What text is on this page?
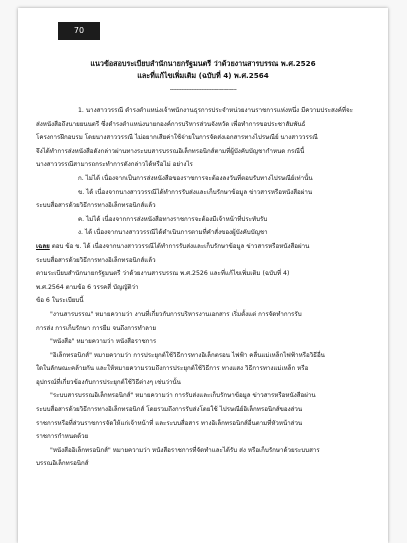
70
แนวข้อสอบระเบียบสำนักนายกรัฐมนตรี ว่าด้วยงานสารบรรณ พ.ศ.2526
และที่แก้ไขเพิ่มเติม (ฉบับที่ 4) พ.ศ.2564
----------------------------------------

1. นางสาววรรณี ดำรงตำแหน่งเจ้าพนักงานธุรการประจำหน่วยงานราชการแห่งหนึ่ง มีความประสงค์ที่จะ

ส่งหนังสือถึงนายยนนตรี ซึ่งดำรงตำแหน่งนายกองค์การบริหารส่วนจังหวัด เพื่อทำการขอประชาสัมพันธ์

โครงการฝึกอบรม โดยนางสาววรรณี ไม่อยากเสียค่าใช้จ่ายในการจัดส่งเอกสารทางไปรษณีย์ นางสาววรรณี

จึงได้ทำการส่งหนังสือดังกล่าวผ่านทางระบบสารบรรณอิเล็กทรอนิกส์ตามที่ผู้บังคับบัญชากำหนด กรณีนี้

นางสาววรรณีสามารถกระทำการดังกล่าวได้หรือไม่ อย่างไร

ก. ไม่ได้ เนื่องจากเป็นการส่งหนังสือของราชการจะต้องลงวันที่ตอบรับทางไปรษณีย์เท่านั้น

ข. ได้ เนื่องจากนางสาววรรณีได้ทำการรับส่งและเก็บรักษาข้อมูล ข่าวสารหรือหนังสือผ่าน

ระบบสื่อสารด้วยวิธีการทางอิเล็กทรอนิกส์แล้ว

ค. ไม่ได้ เนื่องจากการส่งหนังสือทางราชการจะต้องมีเจ้าหน้าที่ประทับรับ

ง. ได้ เนื่องจากนางสาววรรณีได้ดำเนินการตามที่คำสั่งของผู้บังคับบัญชา

เฉลย ตอบ ข้อ ข. ได้ เนื่องจากนางสาววรรณีได้ทำการรับส่งและเก็บรักษาข้อมูล ข่าวสารหรือหนังสือผ่าน

ระบบสื่อสารด้วยวิธีการทางอิเล็กทรอนิกส์แล้ว

ตามระเบียบสำนักนายกรัฐมนตรี ว่าด้วยงานสารบรรณ พ.ศ.2526 และที่แก้ไขเพิ่มเติม (ฉบับที่ 4)

พ.ศ.2564 ตามข้อ 6 วรรคสี่ บัญญัติว่า

ข้อ 6 ในระเบียบนี้

"งานสารบรรณ" หมายความว่า งานที่เกี่ยวกับการบริหารงานเอกสาร เริ่มตั้งแต่ การจัดทำการรับ

การส่ง การเก็บรักษา การยืม จนถึงการทำลาย

"หนังสือ" หมายความว่า หนังสือราชการ

"อิเล็กทรอนิกส์" หมายความว่า การประยุกต์ใช้วิธีการทางอิเล็กตรอน ไฟฟ้า คลื่นแม่เหล็กไฟฟ้าหรือวิธีอื่น

ใดในลักษณะคล้ายกัน และให้หมายความรวมถึงการประยุกต์ใช้วิธีการ ทางแสง วิธีการทางแม่เหล็ก หรือ

อุปกรณ์ที่เกี่ยวข้องกับการประยุกต์ใช้วิธีต่างๆ เช่นว่านั้น

"ระบบสารบรรณอิเล็กทรอนิกส์" หมายความว่า การรับส่งและเก็บรักษาข้อมูล ข่าวสารหรือหนังสือผ่าน

ระบบสื่อสารด้วยวิธีการทางอิเล็กทรอนิกส์ โดยรวมถึงการรับส่งโดยใช้ ไปรษณีย์อิเล็กทรอนิกส์ของส่วน

ราชการหรือที่ส่วนราชการจัดให้แก่เจ้าหน้าที่ และระบบสื่อสาร ทางอิเล็กทรอนิกส์อื่นตามที่หัวหน้าส่วน

ราชการกำหนดด้วย

"หนังสืออิเล็กทรอนิกส์" หมายความว่า หนังสือราชการที่จัดทำและได้รับ ส่ง หรือเก็บรักษาด้วยระบบสาร

บรรณอิเล็กทรอนิกส์
